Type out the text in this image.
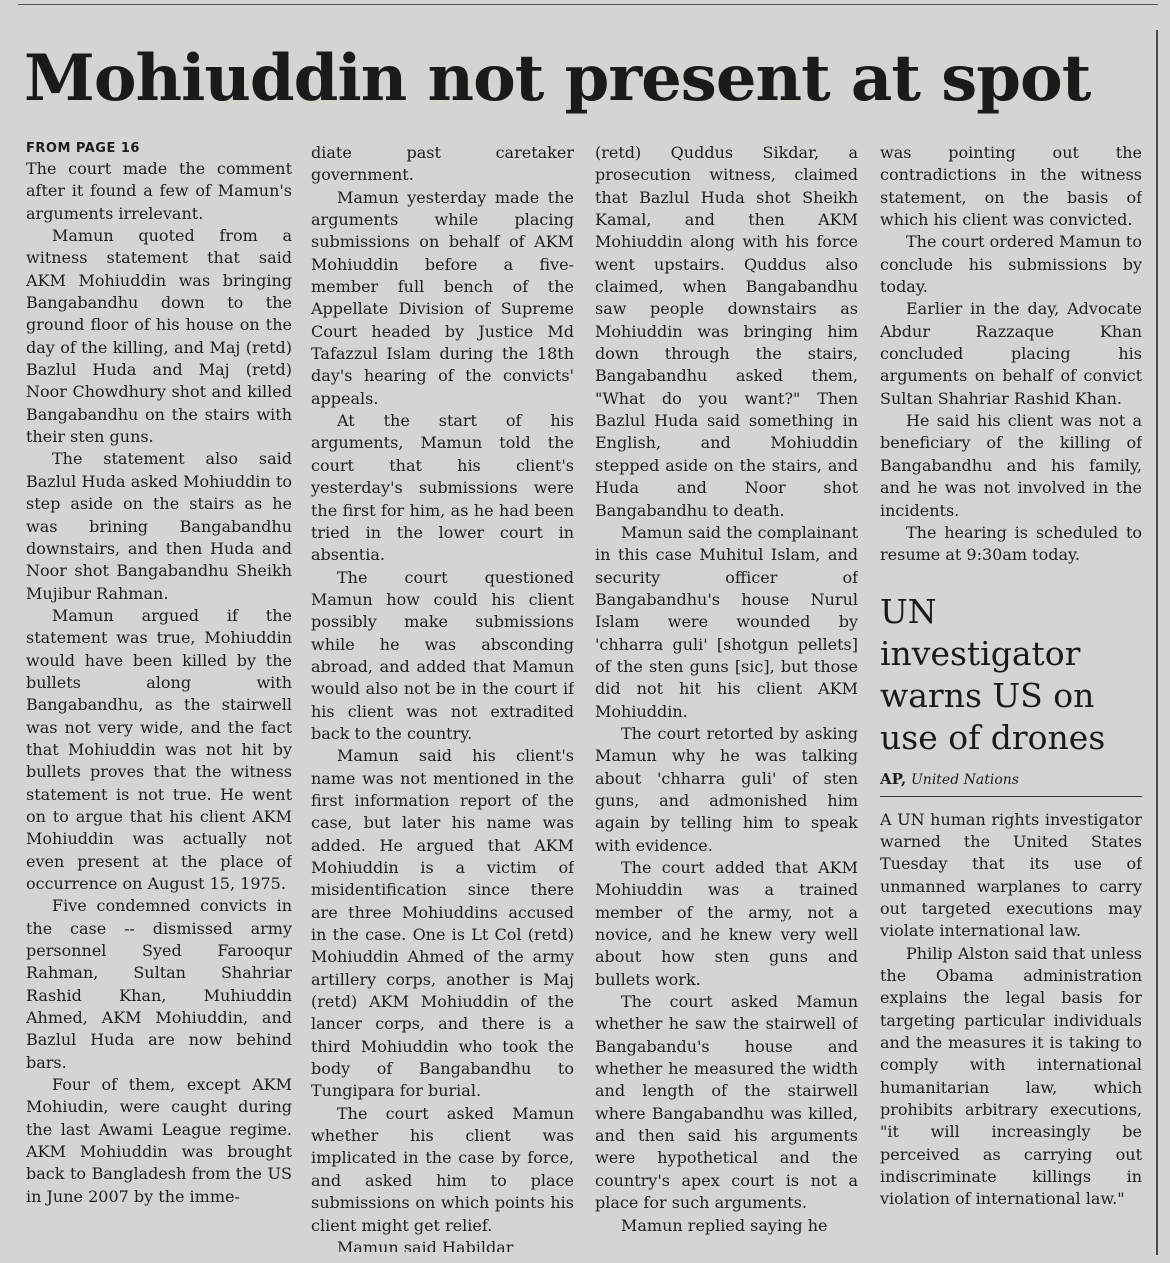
Mohiuddin not present at spot
FROM PAGE 16

The court made the comment after it found a few of Mamun's arguments irrelevant.

Mamun quoted from a witness statement that said AKM Mohiuddin was bringing Bangabandhu down to the ground floor of his house on the day of the killing, and Maj (retd) Bazlul Huda and Maj (retd) Noor Chowdhury shot and killed Bangabandhu on the stairs with their sten guns.

The statement also said Bazlul Huda asked Mohiuddin to step aside on the stairs as he was brining Bangabandhu downstairs, and then Huda and Noor shot Bangabandhu Sheikh Mujibur Rahman.

Mamun argued if the statement was true, Mohiuddin would have been killed by the bullets along with Bangabandhu, as the stairwell was not very wide, and the fact that Mohiuddin was not hit by bullets proves that the witness statement is not true. He went on to argue that his client AKM Mohiuddin was actually not even present at the place of occurrence on August 15, 1975.

Five condemned convicts in the case -- dismissed army personnel Syed Farooqur Rahman, Sultan Shahriar Rashid Khan, Muhiuddin Ahmed, AKM Mohiuddin, and Bazlul Huda are now behind bars.

Four of them, except AKM Mohiudin, were caught during the last Awami League regime. AKM Mohiuddin was brought back to Bangladesh from the US in June 2007 by the imme-

diate past caretaker government.

Mamun yesterday made the arguments while placing submissions on behalf of AKM Mohiuddin before a five-member full bench of the Appellate Division of Supreme Court headed by Justice Md Tafazzul Islam during the 18th day's hearing of the convicts' appeals.

At the start of his arguments, Mamun told the court that his client's yesterday's submissions were the first for him, as he had been tried in the lower court in absentia.

The court questioned Mamun how could his client possibly make submissions while he was absconding abroad, and added that Mamun would also not be in the court if his client was not extradited back to the country.

Mamun said his client's name was not mentioned in the first information report of the case, but later his name was added. He argued that AKM Mohiuddin is a victim of misidentification since there are three Mohiuddins accused in the case. One is Lt Col (retd) Mohiuddin Ahmed of the army artillery corps, another is Maj (retd) AKM Mohiuddin of the lancer corps, and there is a third Mohiuddin who took the body of Bangabandhu to Tungipara for burial.

The court asked Mamun whether his client was implicated in the case by force, and asked him to place submissions on which points his client might get relief.

Mamun said Habildar

(retd) Quddus Sikdar, a prosecution witness, claimed that Bazlul Huda shot Sheikh Kamal, and then AKM Mohiuddin along with his force went upstairs. Quddus also claimed, when Bangabandhu saw people downstairs as Mohiuddin was bringing him down through the stairs, Bangabandhu asked them, "What do you want?" Then Bazlul Huda said something in English, and Mohiuddin stepped aside on the stairs, and Huda and Noor shot Bangabandhu to death.

Mamun said the complainant in this case Muhitul Islam, and security officer of Bangabandhu's house Nurul Islam were wounded by 'chharra guli' [shotgun pellets] of the sten guns [sic], but those did not hit his client AKM Mohiuddin.

The court retorted by asking Mamun why he was talking about 'chharra guli' of sten guns, and admonished him again by telling him to speak with evidence.

The court added that AKM Mohiuddin was a trained member of the army, not a novice, and he knew very well about how sten guns and bullets work.

The court asked Mamun whether he saw the stairwell of Bangabandu's house and whether he measured the width and length of the stairwell where Bangabandhu was killed, and then said his arguments were hypothetical and the country's apex court is not a place for such arguments.

Mamun replied saying he

was pointing out the contradictions in the witness statement, on the basis of which his client was convicted.

The court ordered Mamun to conclude his submissions by today.

Earlier in the day, Advocate Abdur Razzaque Khan concluded placing his arguments on behalf of convict Sultan Shahriar Rashid Khan.

He said his client was not a beneficiary of the killing of Bangabandhu and his family, and he was not involved in the incidents.

The hearing is scheduled to resume at 9:30am today.

UN investigator warns US on use of drones
AP, United Nations

A UN human rights investigator warned the United States Tuesday that its use of unmanned warplanes to carry out targeted executions may violate international law.

Philip Alston said that unless the Obama administration explains the legal basis for targeting particular individuals and the measures it is taking to comply with international humanitarian law, which prohibits arbitrary executions, "it will increasingly be perceived as carrying out indiscriminate killings in violation of international law."
